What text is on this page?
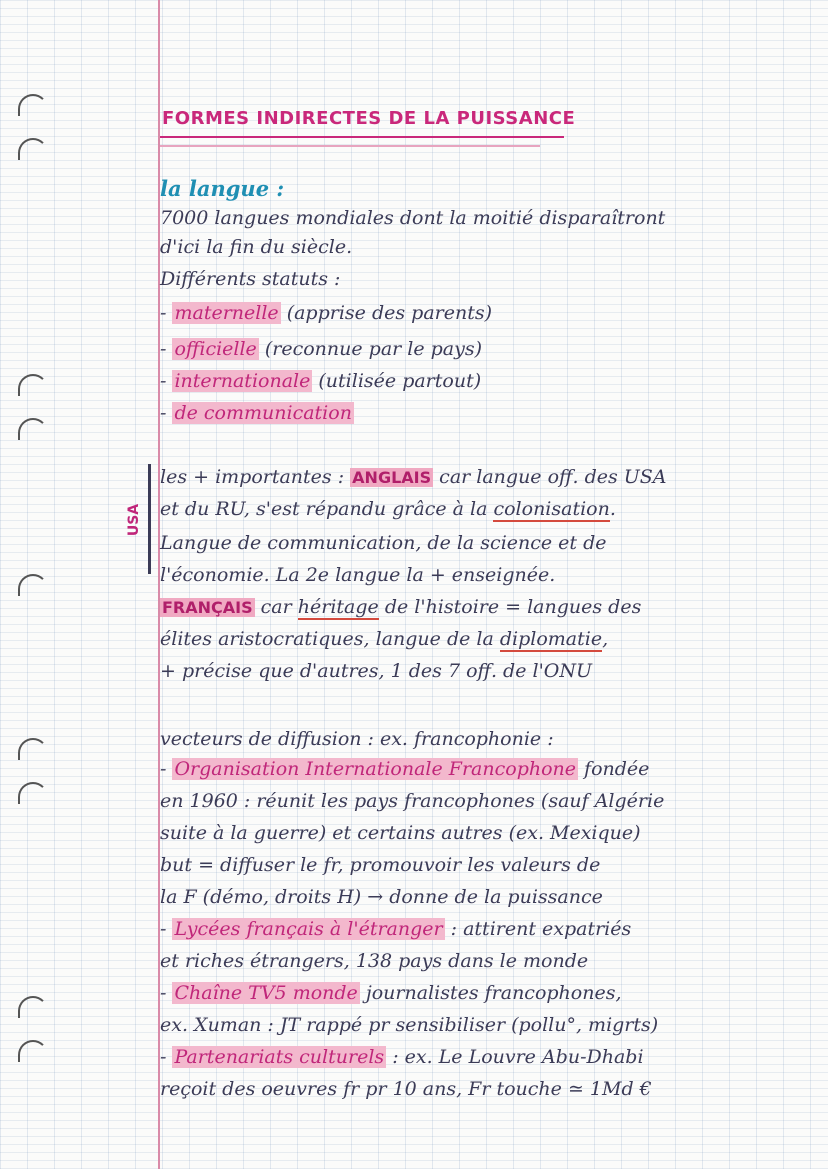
FORMES INDIRECTES DE LA PUISSANCE
la langue :
7000 langues mondiales dont la moitié disparaîtront
d'ici la fin du siècle.
Différents statuts :
- maternelle (apprise des parents)
- officielle (reconnue par le pays)
- internationale (utilisée partout)
- de communication
USA
les + importantes : ANGLAIS car langue off. des USA
et du RU, s'est répandu grâce à la colonisation.
Langue de communication, de la science et de
l'économie. La 2e langue la + enseignée.
FRANÇAIS car héritage de l'histoire = langues des
élites aristocratiques, langue de la diplomatie,
+ précise que d'autres, 1 des 7 off. de l'ONU
vecteurs de diffusion : ex. francophonie :
- Organisation Internationale Francophone fondée
en 1960 : réunit les pays francophones (sauf Algérie
suite à la guerre) et certains autres (ex. Mexique)
but = diffuser le fr, promouvoir les valeurs de
la F (démo, droits H) → donne de la puissance
- Lycées français à l'étranger : attirent expatriés
et riches étrangers, 138 pays dans le monde
- Chaîne TV5 monde journalistes francophones,
ex. Xuman : JT rappé pr sensibiliser (pollu°, migrts)
- Partenariats culturels : ex. Le Louvre Abu-Dhabi
reçoit des oeuvres fr pr 10 ans, Fr touche ≃ 1Md €
